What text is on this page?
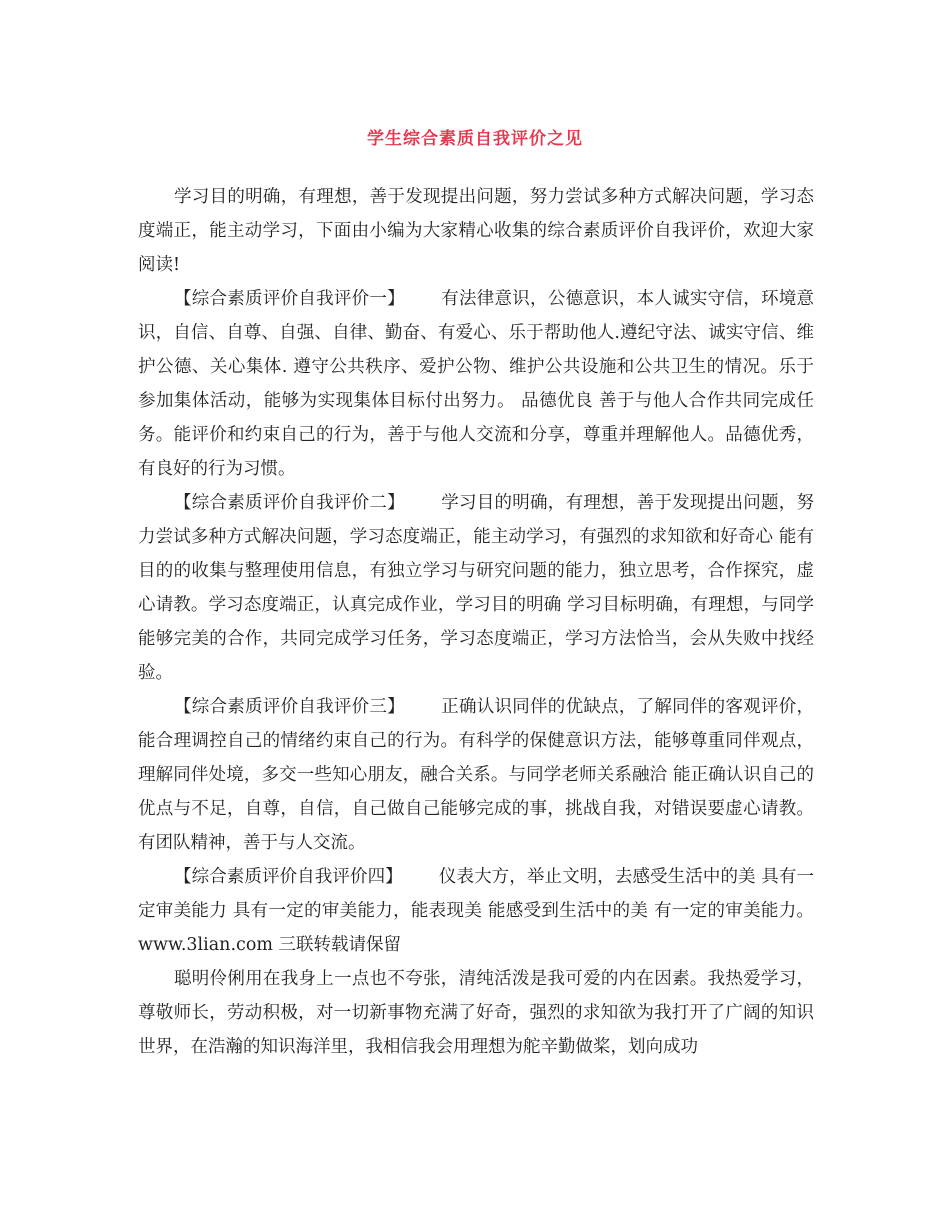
学生综合素质自我评价之见

学习目的明确，有理想，善于发现提出问题，努力尝试多种方式解决问题，学习态度端正，能主动学习，下面由小编为大家精心收集的综合素质评价自我评价，欢迎大家阅读!

【综合素质评价自我评价一】 有法律意识，公德意识，本人诚实守信，环境意识，自信、自尊、自强、自律、勤奋、有爱心、乐于帮助他人.遵纪守法、诚实守信、维护公德、关心集体. 遵守公共秩序、爱护公物、维护公共设施和公共卫生的情况。乐于参加集体活动，能够为实现集体目标付出努力。 品德优良 善于与他人合作共同完成任务。能评价和约束自己的行为，善于与他人交流和分享，尊重并理解他人。品德优秀，有良好的行为习惯。

【综合素质评价自我评价二】 学习目的明确，有理想，善于发现提出问题，努力尝试多种方式解决问题，学习态度端正，能主动学习，有强烈的求知欲和好奇心 能有目的的收集与整理使用信息，有独立学习与研究问题的能力，独立思考，合作探究，虚心请教。学习态度端正，认真完成作业，学习目的明确 学习目标明确，有理想，与同学能够完美的合作，共同完成学习任务，学习态度端正，学习方法恰当，会从失败中找经验。

【综合素质评价自我评价三】 正确认识同伴的优缺点，了解同伴的客观评价，能合理调控自己的情绪约束自己的行为。有科学的保健意识方法，能够尊重同伴观点，理解同伴处境，多交一些知心朋友，融合关系。与同学老师关系融洽 能正确认识自己的优点与不足，自尊，自信，自己做自己能够完成的事，挑战自我，对错误要虚心请教。有团队精神，善于与人交流。

【综合素质评价自我评价四】 仪表大方，举止文明，去感受生活中的美 具有一定审美能力 具有一定的审美能力，能表现美 能感受到生活中的美 有一定的审美能力。www.3lian.com 三联转载请保留

聪明伶俐用在我身上一点也不夸张，清纯活泼是我可爱的内在因素。我热爱学习，尊敬师长，劳动积极，对一切新事物充满了好奇，强烈的求知欲为我打开了广阔的知识世界，在浩瀚的知识海洋里，我相信我会用理想为舵辛勤做桨，划向成功
